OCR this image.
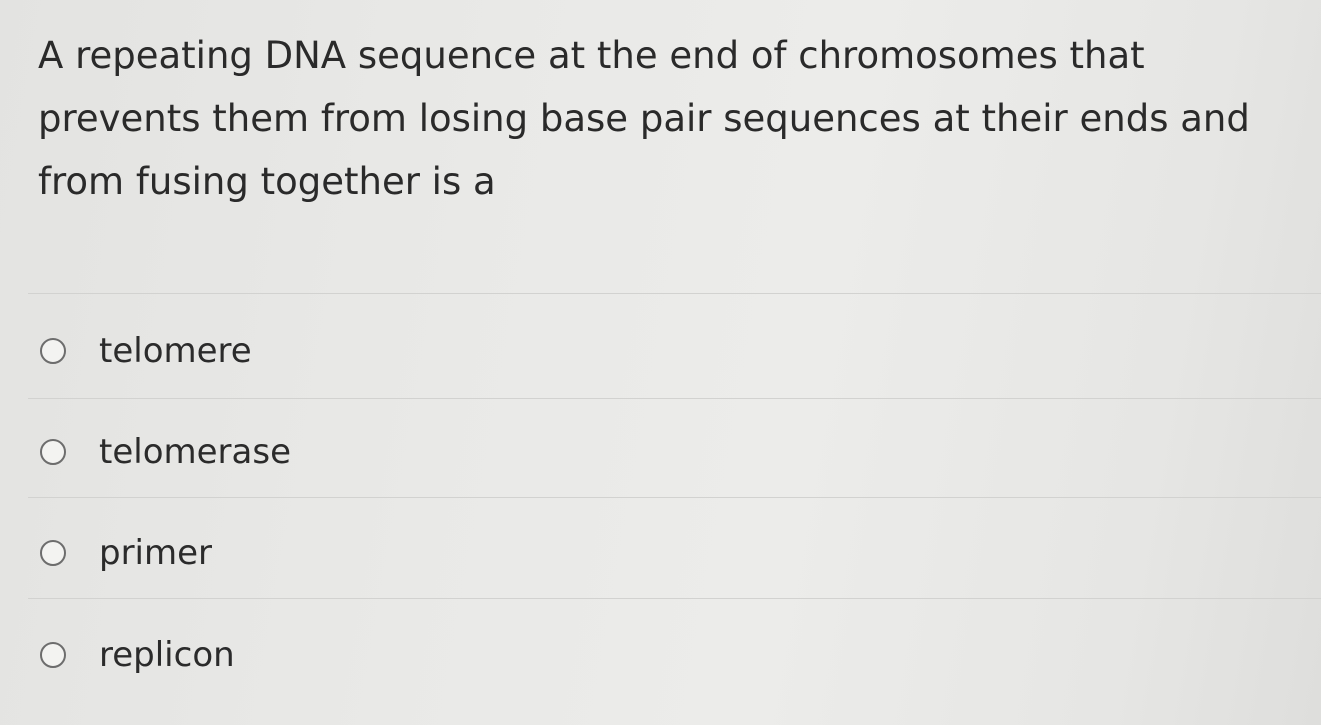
A repeating DNA sequence at the end of chromosomes that prevents them from losing base pair sequences at their ends and from fusing together is a

telomere
telomerase
primer
replicon
